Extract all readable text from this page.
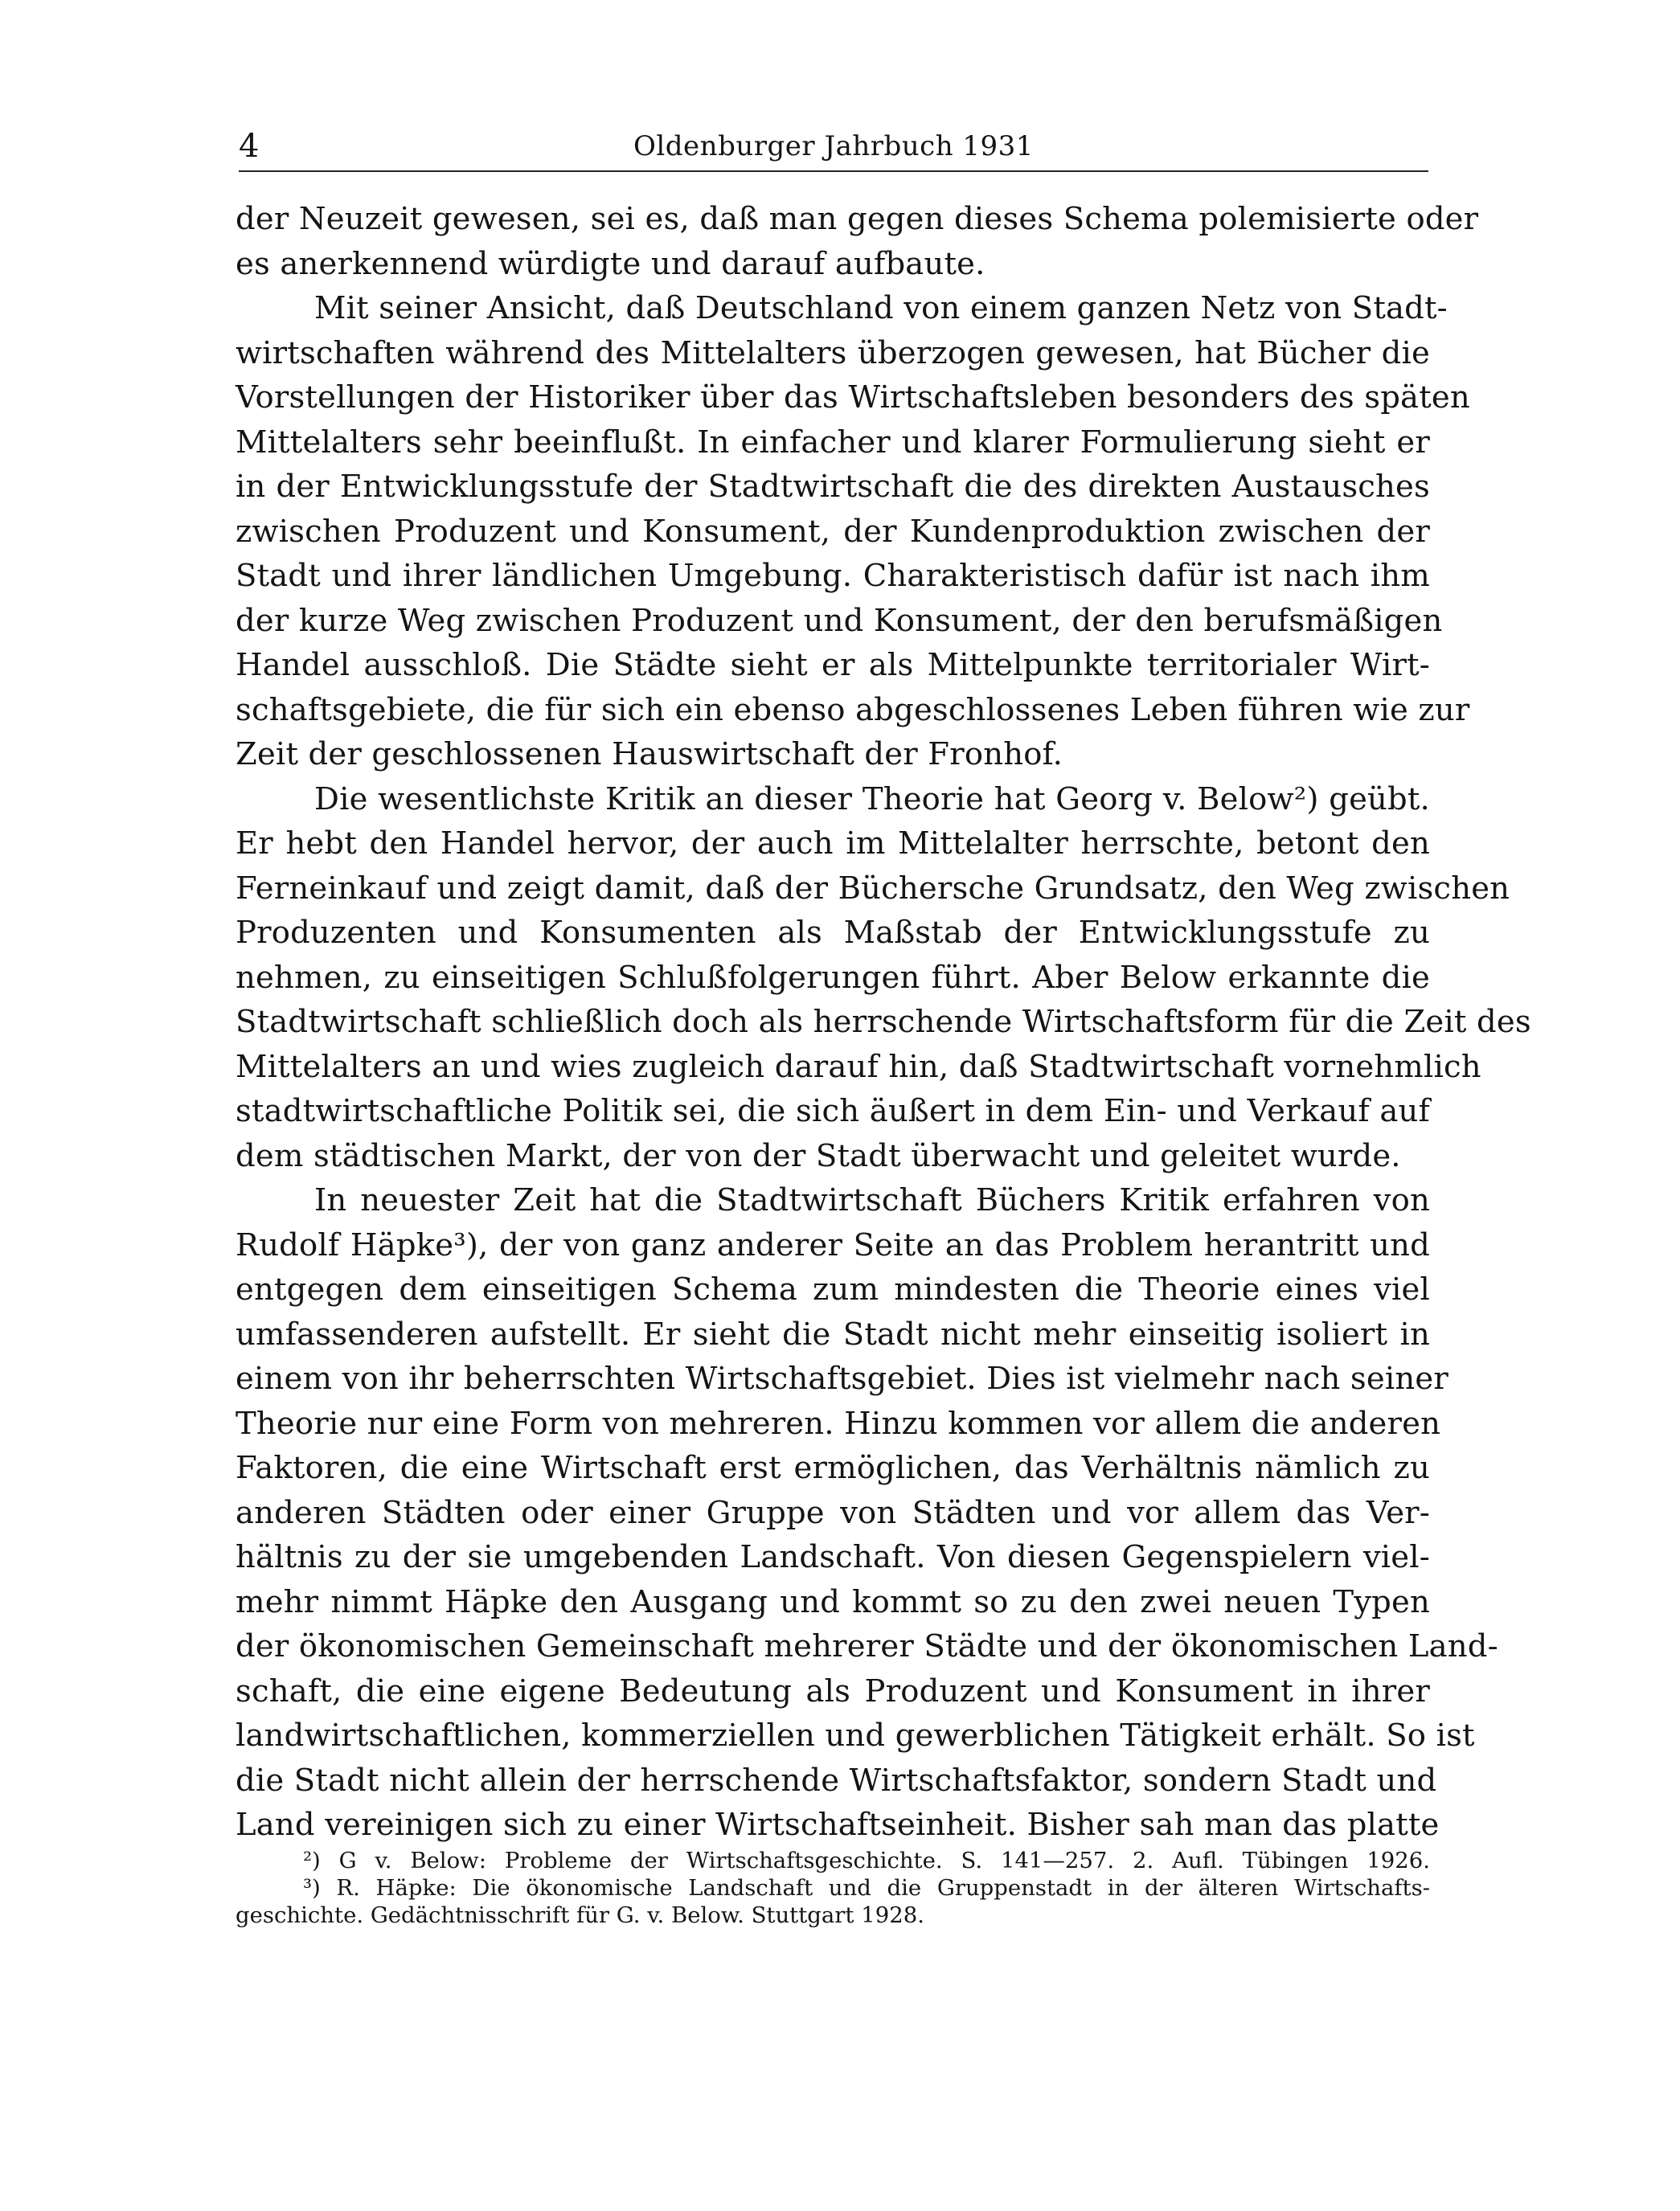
4	Oldenburger Jahrbuch 1931
der Neuzeit gewesen, sei es, daß man gegen dieses Schema polemisierte oder
es anerkennend würdigte und darauf aufbaute.
Mit seiner Ansicht, daß Deutschland von einem ganzen Netz von Stadt-
wirtschaften während des Mittelalters überzogen gewesen, hat Bücher die
Vorstellungen der Historiker über das Wirtschaftsleben besonders des späten
Mittelalters sehr beeinflußt. In einfacher und klarer Formulierung sieht er
in der Entwicklungsstufe der Stadtwirtschaft die des direkten Austausches
zwischen Produzent und Konsument, der Kundenproduktion zwischen der
Stadt und ihrer ländlichen Umgebung. Charakteristisch dafür ist nach ihm
der kurze Weg zwischen Produzent und Konsument, der den berufsmäßigen
Handel ausschloß. Die Städte sieht er als Mittelpunkte territorialer Wirt-
schaftsgebiete, die für sich ein ebenso abgeschlossenes Leben führen wie zur
Zeit der geschlossenen Hauswirtschaft der Fronhof.
Die wesentlichste Kritik an dieser Theorie hat Georg v. Below²) geübt.
Er hebt den Handel hervor, der auch im Mittelalter herrschte, betont den
Ferneinkauf und zeigt damit, daß der Büchersche Grundsatz, den Weg zwischen
Produzenten und Konsumenten als Maßstab der Entwicklungsstufe zu
nehmen, zu einseitigen Schlußfolgerungen führt. Aber Below erkannte die
Stadtwirtschaft schließlich doch als herrschende Wirtschaftsform für die Zeit des
Mittelalters an und wies zugleich darauf hin, daß Stadtwirtschaft vornehmlich
stadtwirtschaftliche Politik sei, die sich äußert in dem Ein- und Verkauf auf
dem städtischen Markt, der von der Stadt überwacht und geleitet wurde.
In neuester Zeit hat die Stadtwirtschaft Büchers Kritik erfahren von
Rudolf Häpke³), der von ganz anderer Seite an das Problem herantritt und
entgegen dem einseitigen Schema zum mindesten die Theorie eines viel
umfassenderen aufstellt. Er sieht die Stadt nicht mehr einseitig isoliert in
einem von ihr beherrschten Wirtschaftsgebiet. Dies ist vielmehr nach seiner
Theorie nur eine Form von mehreren. Hinzu kommen vor allem die anderen
Faktoren, die eine Wirtschaft erst ermöglichen, das Verhältnis nämlich zu
anderen Städten oder einer Gruppe von Städten und vor allem das Ver-
hältnis zu der sie umgebenden Landschaft. Von diesen Gegenspielern viel-
mehr nimmt Häpke den Ausgang und kommt so zu den zwei neuen Typen
der ökonomischen Gemeinschaft mehrerer Städte und der ökonomischen Land-
schaft, die eine eigene Bedeutung als Produzent und Konsument in ihrer
landwirtschaftlichen, kommerziellen und gewerblichen Tätigkeit erhält. So ist
die Stadt nicht allein der herrschende Wirtschaftsfaktor, sondern Stadt und
Land vereinigen sich zu einer Wirtschaftseinheit. Bisher sah man das platte
²) G v. Below: Probleme der Wirtschaftsgeschichte. S. 141—257. 2. Aufl. Tübingen 1926.
³) R. Häpke: Die ökonomische Landschaft und die Gruppenstadt in der älteren Wirtschafts-
geschichte. Gedächtnisschrift für G. v. Below. Stuttgart 1928.
